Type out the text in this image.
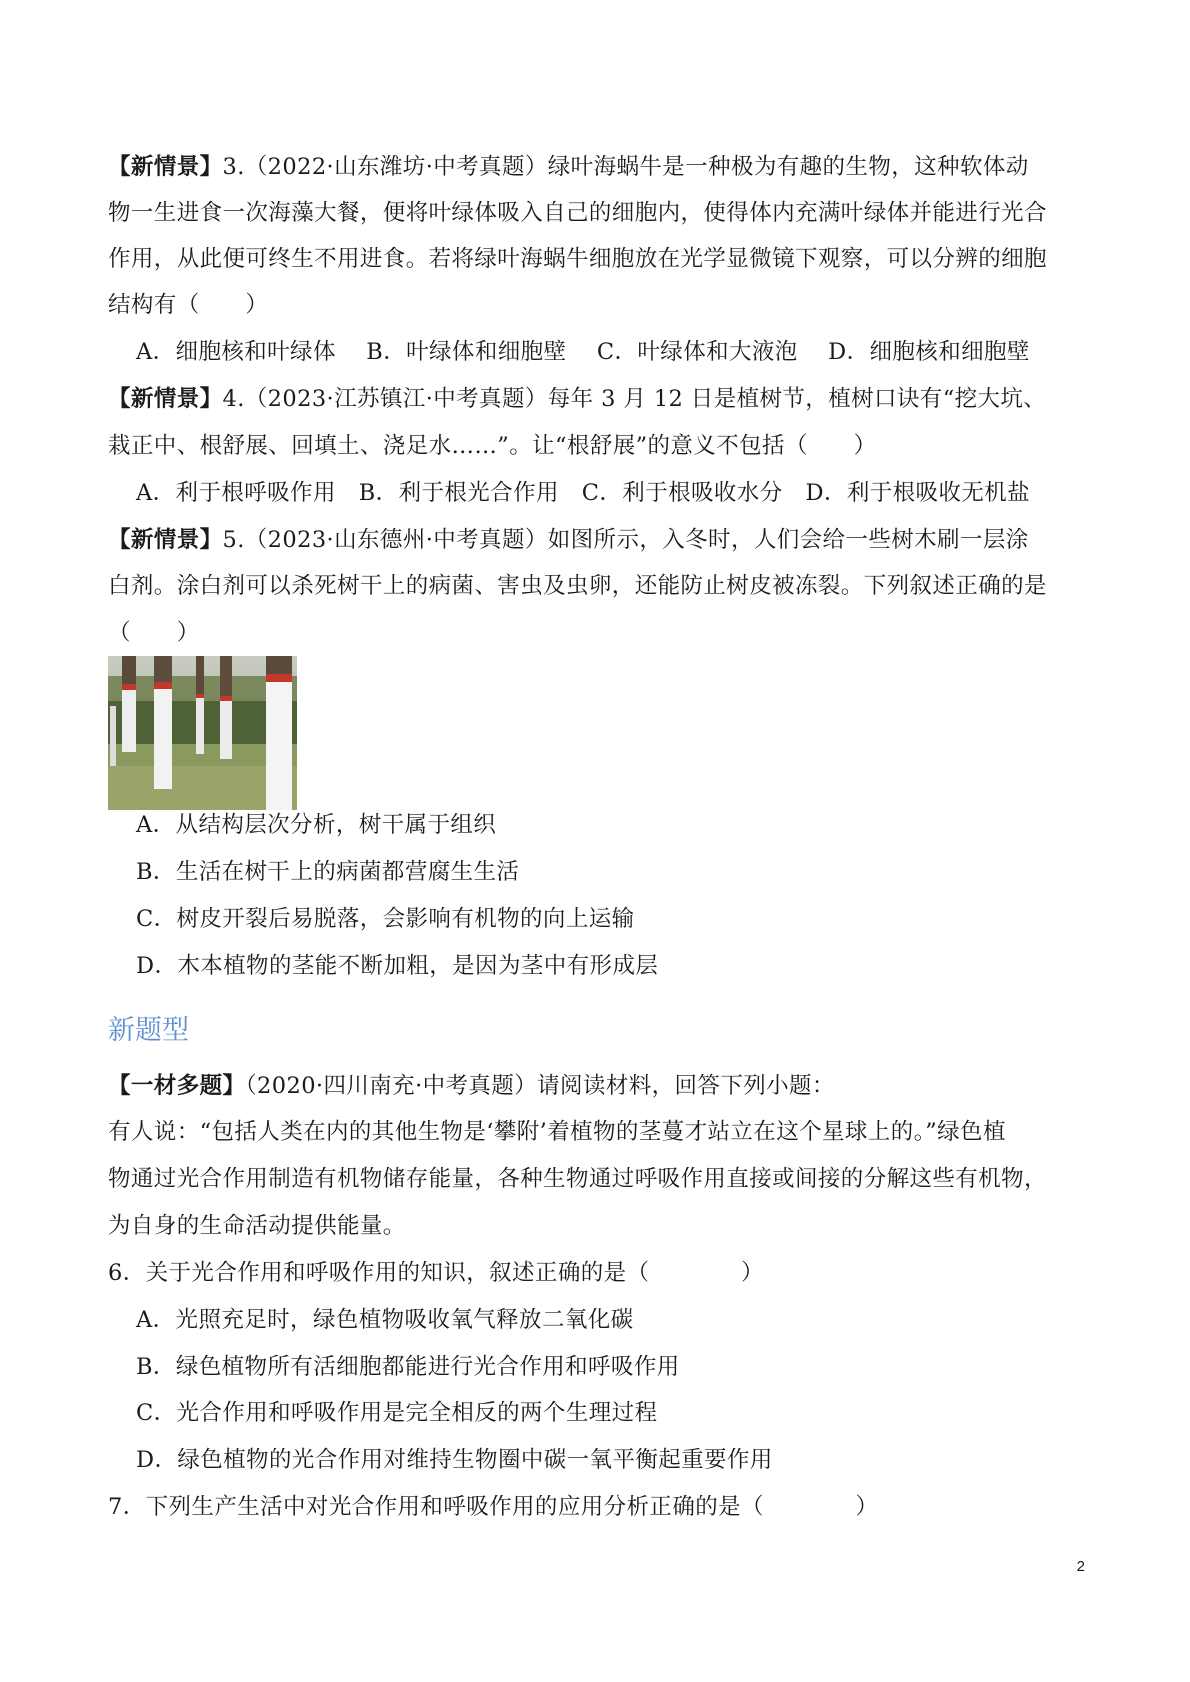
【新情景】3.（2022·山东潍坊·中考真题）绿叶海蜗牛是一种极为有趣的生物，这种软体动
物一生进食一次海藻大餐，便将叶绿体吸入自己的细胞内，使得体内充满叶绿体并能进行光合
作用，从此便可终生不用进食。若将绿叶海蜗牛细胞放在光学显微镜下观察，可以分辨的细胞
结构有（　　）
A．细胞核和叶绿体　 B．叶绿体和细胞壁　 C．叶绿体和大液泡　 D．细胞核和细胞壁
【新情景】4.（2023·江苏镇江·中考真题）每年 3 月 12 日是植树节，植树口诀有“挖大坑、
栽正中、根舒展、回填土、浇足水……”。让“根舒展”的意义不包括（　　）
A．利于根呼吸作用　B．利于根光合作用　C．利于根吸收水分　D．利于根吸收无机盐
【新情景】5.（2023·山东德州·中考真题）如图所示，入冬时，人们会给一些树木刷一层涂
白剂。涂白剂可以杀死树干上的病菌、害虫及虫卵，还能防止树皮被冻裂。下列叙述正确的是
（　　）
A．从结构层次分析，树干属于组织
B．生活在树干上的病菌都营腐生生活
C．树皮开裂后易脱落，会影响有机物的向上运输
D．木本植物的茎能不断加粗，是因为茎中有形成层
新题型
【一材多题】（2020·四川南充·中考真题）请阅读材料，回答下列小题：
有人说：“包括人类在内的其他生物是‘攀附’着植物的茎蔓才站立在这个星球上的。”绿色植
物通过光合作用制造有机物储存能量，各种生物通过呼吸作用直接或间接的分解这些有机物，
为自身的生命活动提供能量。
6．关于光合作用和呼吸作用的知识，叙述正确的是（　　　　）
A．光照充足时，绿色植物吸收氧气释放二氧化碳
B．绿色植物所有活细胞都能进行光合作用和呼吸作用
C．光合作用和呼吸作用是完全相反的两个生理过程
D．绿色植物的光合作用对维持生物圈中碳一氧平衡起重要作用
7．下列生产生活中对光合作用和呼吸作用的应用分析正确的是（　　　　）
2
